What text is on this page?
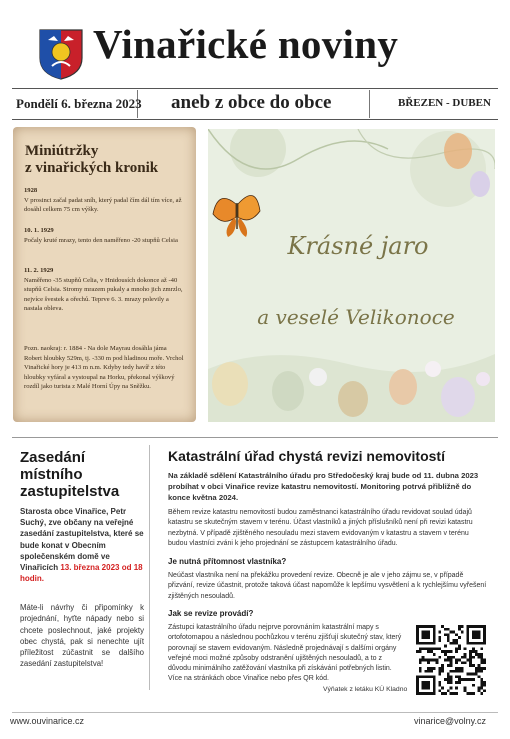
Vinařické noviny
Pondělí 6. března 2023 aneb z obce do obce	BŘEZEN - DUBEN
Miniútržky
z vinařických kronik
1928
V prosinci začal padat sníh, který padal čím dál tím více, až dosáhl celkem 75 cm výšky.
10. 1. 1929
Počaly kruté mrazy, tento den naměřeno -20 stupňů Celsia
11. 2. 1929
Naměřeno -35 stupňů Celia, v Hnidousích dokonce až -40 stupňů Celsia. Stromy mrazem pukaly a mnoho jich zmrzlo, nejvíce švestek a ořechů. Teprve 6. 3. mrazy polevily a nastala obleva.
Pozn. naokraj: r. 1884 - Na dole Mayrau dosáhla jáma Robert hloubky 529m, tj. -330 m pod hladinou moře. Vrchol Vinařické hory je 413 m n.m. Kdyby tedy havíř z této hloubky vyfáral a vystoupal na Horku, překonal výškový rozdíl jako turista z Malé Horní Úpy na Sněžku.
Krásné jaro
a veselé Velikonoce
Zasedání místního zastupitelstva
Starosta obce Vinařice, Petr Suchý, zve občany na veřejné zasedání zastupitelstva, které se bude konat v Obecním společenském domě ve Vinařicích 13. března 2023 od 18 hodin.
Máte-li návrhy či připomínky k projednání, hyťte nápady nebo si chcete poslechnout, jaké projekty obec chystá, pak si nenechte ujít příležitost zúčastnit se dalšího zasedání zastupitelstva!
Katastrální úřad chystá revizi nemovitostí
Na základě sdělení Katastrálního úřadu pro Středočeský kraj bude od 11. dubna 2023 probíhat v obci Vinařice revize katastru nemovitostí. Monitoring potrvá přibližně do konce května 2024.
Během revize katastru nemovitostí budou zaměstnanci katastrálního úřadu revidovat soulad údajů katastru se skutečným stavem v terénu. Účast vlastníků a jiných příslušníků není při revizi katastru nezbytná. V případě zjištěného nesouladu mezi stavem evidovaným v katastru a stavem v terénu budou vlastníci zváni k jeho projednání se zástupcem katastrálního úřadu.
Je nutná přítomnost vlastníka?
Neúčast vlastníka není na překážku provedení revize. Obecně je ale v jeho zájmu se, v případě přizvání, revize účastnit, protože taková účast napomůže k lepšímu vysvětlení a k rychlejšímu vyřešení zjištěných nesouladů.
Jak se revize provádí?
Zástupci katastrálního úřadu nejprve porovnáním katastrální mapy s ortofotomapou a následnou pochůzkou v terénu zjišťují skutečný stav, který porovnají se stavem evidovaným. Následně projednávají s dalšími orgány veřejné moci možné způsoby odstranění ujištěných nesouladů, a to z důvodu minimálního zatěžování vlastníka při získávání potřebných listin. Více na stránkách obce Vinařice nebo přes QR kód.
Výňatek z letáku KÚ Kladno
www.ouvinarice.cz	vinarice@volny.cz
